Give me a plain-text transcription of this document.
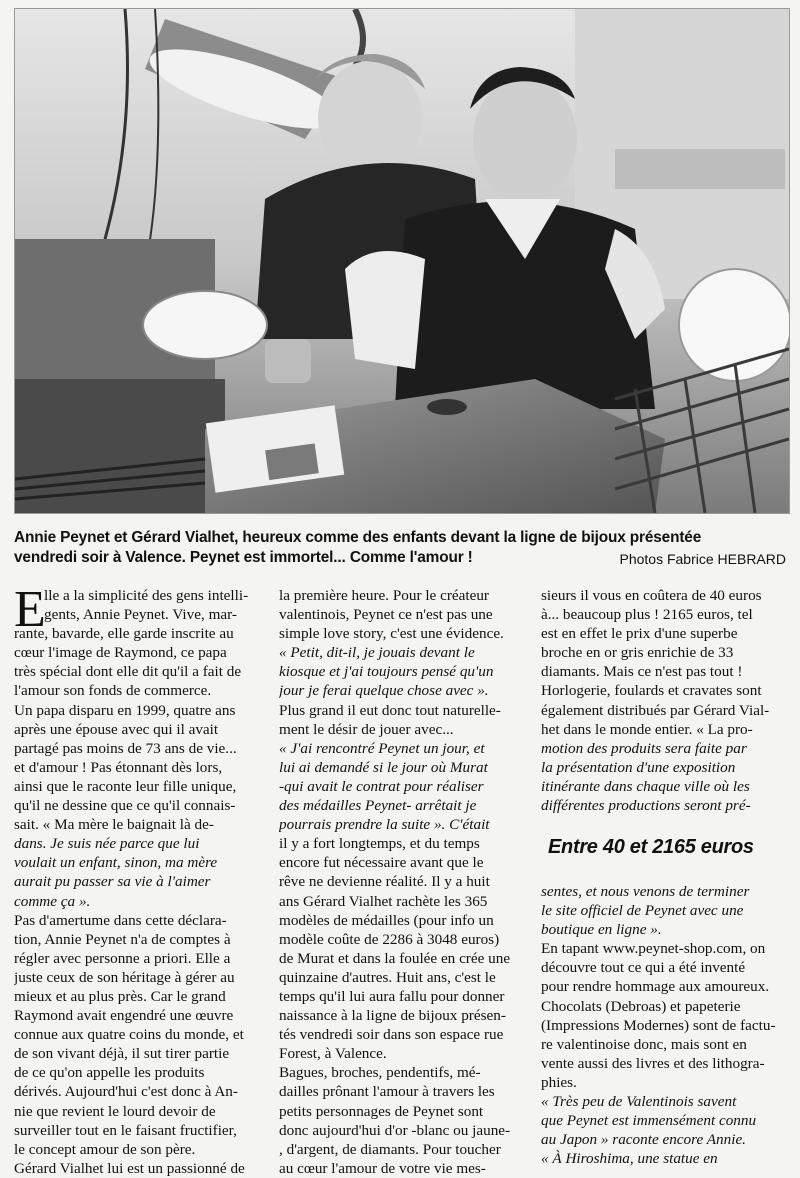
Annie Peynet et Gérard Vialhet, heureux comme des enfants devant la ligne de bijoux présentée
vendredi soir à Valence. Peynet est immortel... Comme l'amour !	Photos Fabrice HEBRARD
E
lle a la simplicité des gens intelli-
gents, Annie Peynet. Vive, mar-
rante, bavarde, elle garde inscrite au
cœur l'image de Raymond, ce papa
très spécial dont elle dit qu'il a fait de
l'amour son fonds de commerce.
Un papa disparu en 1999, quatre ans
après une épouse avec qui il avait
partagé pas moins de 73 ans de vie...
et d'amour ! Pas étonnant dès lors,
ainsi que le raconte leur fille unique,
qu'il ne dessine que ce qu'il connais-
sait. « Ma mère le baignait là de-
dans. Je suis née parce que lui
voulait un enfant, sinon, ma mère
aurait pu passer sa vie à l'aimer
comme ça ».
Pas d'amertume dans cette déclara-
tion, Annie Peynet n'a de comptes à
régler avec personne a priori. Elle a
juste ceux de son héritage à gérer au
mieux et au plus près. Car le grand
Raymond avait engendré une œuvre
connue aux quatre coins du monde, et
de son vivant déjà, il sut tirer partie
de ce qu'on appelle les produits
dérivés. Aujourd'hui c'est donc à An-
nie que revient le lourd devoir de
surveiller tout en le faisant fructifier,
le concept amour de son père.
Gérard Vialhet lui est un passionné de
la première heure. Pour le créateur
valentinois, Peynet ce n'est pas une
simple love story, c'est une évidence.
« Petit, dit-il, je jouais devant le
kiosque et j'ai toujours pensé qu'un
jour je ferai quelque chose avec ».
Plus grand il eut donc tout naturelle-
ment le désir de jouer avec...
« J'ai rencontré Peynet un jour, et
lui ai demandé si le jour où Murat
-qui avait le contrat pour réaliser
des médailles Peynet- arrêtait je
pourrais prendre la suite ». C'était
il y a fort longtemps, et du temps
encore fut nécessaire avant que le
rêve ne devienne réalité. Il y a huit
ans Gérard Vialhet rachète les 365
modèles de médailles (pour info un
modèle coûte de 2286 à 3048 euros)
de Murat et dans la foulée en crée une
quinzaine d'autres. Huit ans, c'est le
temps qu'il lui aura fallu pour donner
naissance à la ligne de bijoux présen-
tés vendredi soir dans son espace rue
Forest, à Valence.
Bagues, broches, pendentifs, mé-
dailles prônant l'amour à travers les
petits personnages de Peynet sont
donc aujourd'hui d'or -blanc ou jaune-
, d'argent, de diamants. Pour toucher
au cœur l'amour de votre vie mes-
sieurs il vous en coûtera de 40 euros
à... beaucoup plus ! 2165 euros, tel
est en effet le prix d'une superbe
broche en or gris enrichie de 33
diamants. Mais ce n'est pas tout !
Horlogerie, foulards et cravates sont
également distribués par Gérard Vial-
het dans le monde entier. « La pro-
motion des produits sera faite par
la présentation d'une exposition
itinérante dans chaque ville où les
différentes productions seront pré-
Entre 40 et 2165 euros
sentes, et nous venons de terminer
le site officiel de Peynet avec une
boutique en ligne ».
En tapant www.peynet-shop.com, on
découvre tout ce qui a été inventé
pour rendre hommage aux amoureux.
Chocolats (Debroas) et papeterie
(Impressions Modernes) sont de factu-
re valentinoise donc, mais sont en
vente aussi des livres et des lithogra-
phies.
« Très peu de Valentinois savent
que Peynet est immensément connu
au Japon » raconte encore Annie.
« À Hiroshima, une statue en
